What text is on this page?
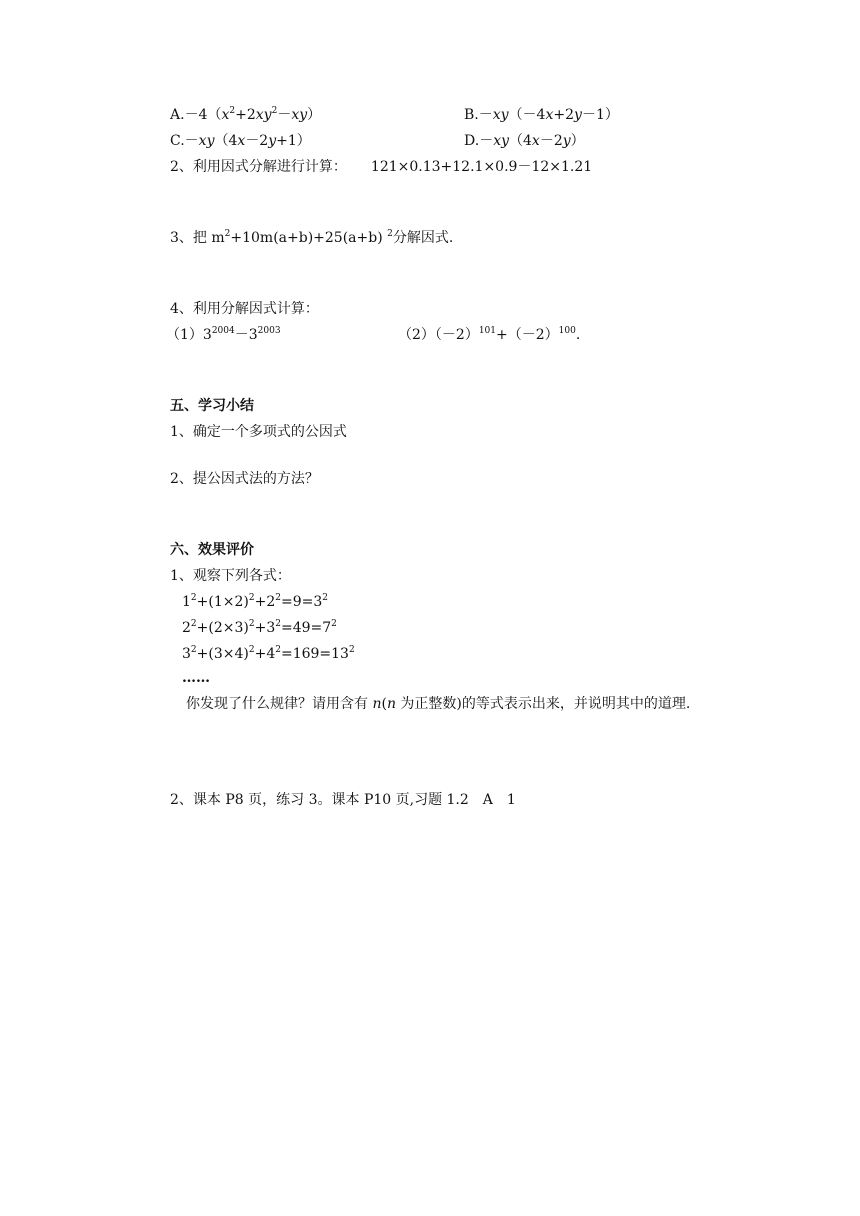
$A.-4(x^2+2xy^2-xy)$	B.－xy（－4x+2y－1）
C.－xy（4x－2y+1）	D.－xy（4x－2y）
2、利用因式分解进行计算： 121×0.13+12.1×0.9－12×1.21
3、把 $m^2+10m(a+b)+25(a+b)$ $^2$分解因式.
4、利用分解因式计算：
$(1)3^{2004}-3^{2003}$	$(2)(-2)^{101}+(-2)^{100}$.
五、学习小结
1、确定一个多项式的公因式
2、提公因式法的方法？
六、效果评价
1、观察下列各式：
$1^2+(1\times 2)^2+2^2=9=3^2$
$2^2+(2\times 3)^2+3^2=49=7^2$
$3^2+(3\times 4)^2+4^2=169=13^2$
……
你发现了什么规律？请用含有 n(n 为正整数)的等式表示出来，并说明其中的道理.
2、课本 P8 页，练习 3。课本 P10 页,习题 1.2　A　1
